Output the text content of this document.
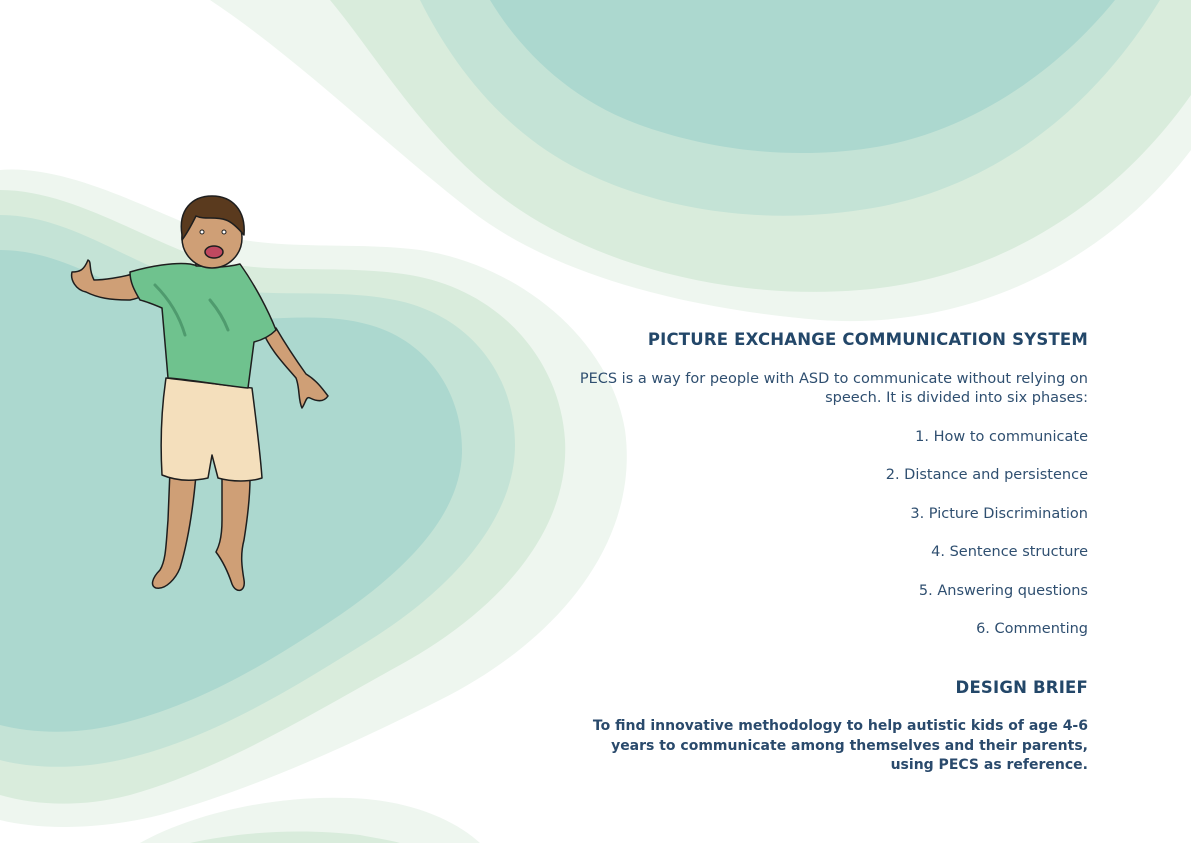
PICTURE EXCHANGE COMMUNICATION SYSTEM

PECS is a way for people with ASD to communicate without relying on speech. It is divided into six phases:

1. How to communicate
2. Distance and persistence
3. Picture Discrimination
4. Sentence structure
5. Answering questions
6. Commenting
DESIGN BRIEF

To find innovative methodology to help autistic kids of age 4-6 years to communicate among themselves and their parents, using PECS as reference.
